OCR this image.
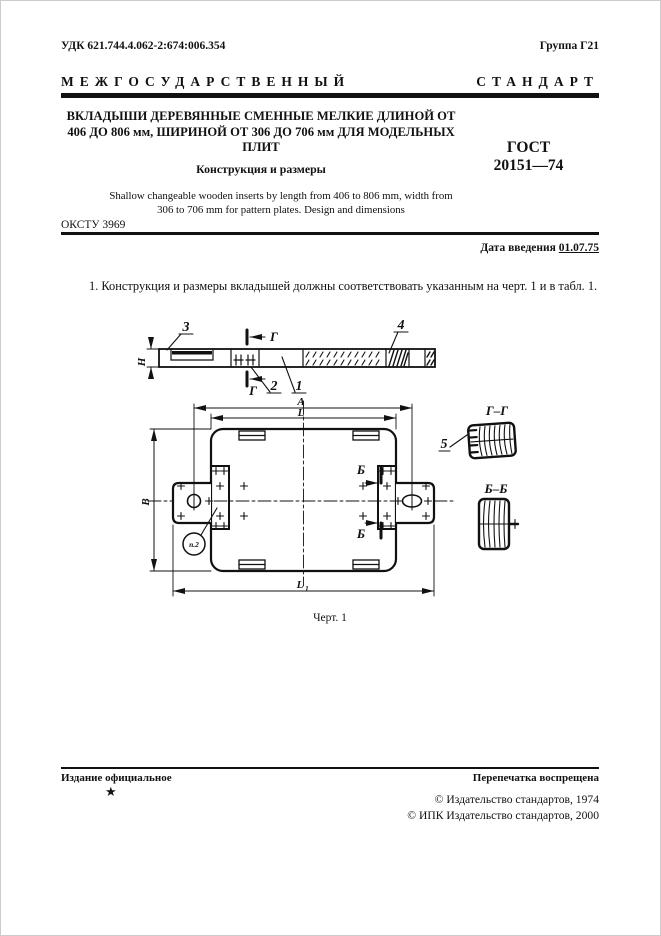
УДК 621.744.4.062-2:674:006.354	Группа Г21
МЕЖГОСУДАРСТВЕННЫЙ	СТАНДАРТ
ВКЛАДЫШИ ДЕРЕВЯННЫЕ СМЕННЫЕ МЕЛКИЕ ДЛИНОЙ ОТ
406 ДО 806 мм, ШИРИНОЙ ОТ 306 ДО 706 мм ДЛЯ МОДЕЛЬНЫХ
ПЛИТ
Конструкция и размеры
ГОСТ
20151—74
Shallow changeable wooden inserts by length from 406 to 806 mm, width from
306 to 706 mm for pattern plates. Design and dimensions
ОКСТУ 3969
Дата введения 01.07.75
1. Конструкция и размеры вкладышей должны соответствовать указанным на черт. 1 и в табл. 1.
Н
Г
Г
3	4
2 1
А
L
В
L 1
Б
Б
п.2
Г–Г
5
Б–Б
Черт. 1
Издание официальное
★
Перепечатка воспрещена
© Издательство стандартов, 1974
© ИПК Издательство стандартов, 2000
